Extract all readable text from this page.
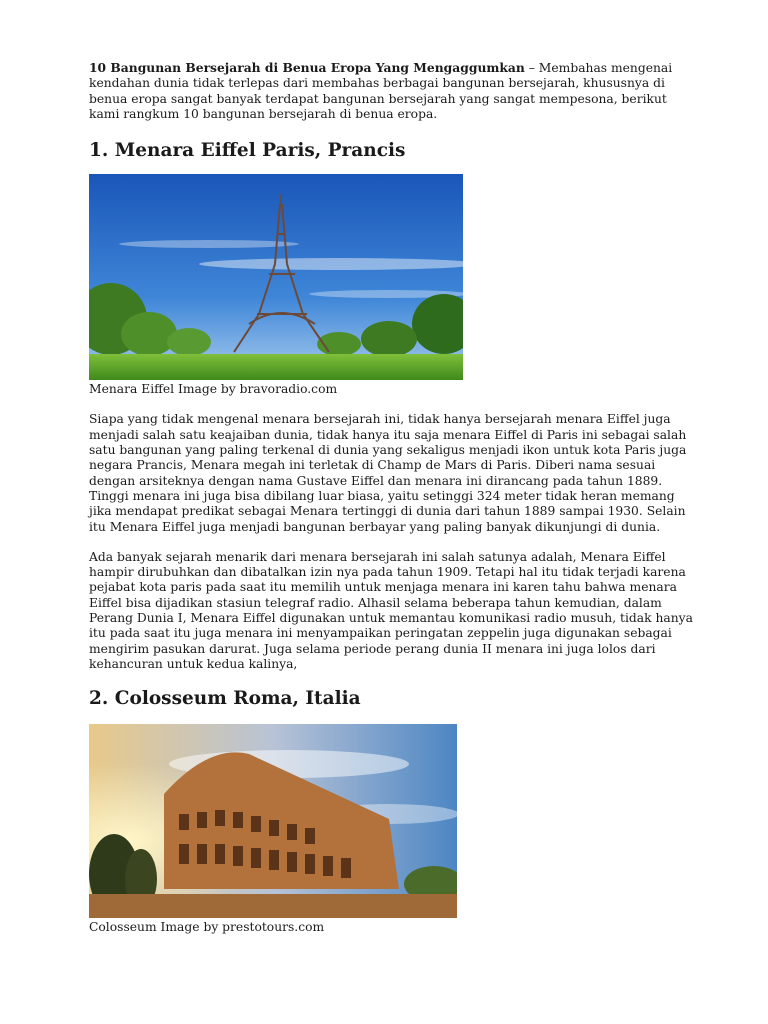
10 Bangunan Bersejarah di Benua Eropa Yang Mengaggumkan – Membahas mengenai kendahan dunia tidak terlepas dari membahas berbagai bangunan bersejarah, khususnya di benua eropa sangat banyak terdapat bangunan bersejarah yang sangat mempesona, berikut kami rangkum 10 bangunan bersejarah di benua eropa.

1. Menara Eiffel Paris, Prancis

Menara Eiffel Image by bravoradio.com

Siapa yang tidak mengenal menara bersejarah ini, tidak hanya bersejarah menara Eiffel juga menjadi salah satu keajaiban dunia, tidak hanya itu saja menara Eiffel di Paris ini sebagai salah satu bangunan yang paling terkenal di dunia yang sekaligus menjadi ikon untuk kota Paris juga negara Prancis, Menara megah ini terletak di Champ de Mars di Paris. Diberi nama sesuai dengan arsiteknya dengan nama Gustave Eiffel dan menara ini dirancang pada tahun 1889. Tinggi menara ini juga bisa dibilang luar biasa, yaitu setinggi 324 meter tidak heran memang jika mendapat predikat sebagai Menara tertinggi di dunia dari tahun 1889 sampai 1930. Selain itu Menara Eiffel juga menjadi bangunan berbayar yang paling banyak dikunjungi di dunia.

Ada banyak sejarah menarik dari menara bersejarah ini salah satunya adalah, Menara Eiffel hampir dirubuhkan dan dibatalkan izin nya pada tahun 1909. Tetapi hal itu tidak terjadi karena pejabat kota paris pada saat itu memilih untuk menjaga menara ini karen tahu bahwa menara Eiffel bisa dijadikan stasiun telegraf radio. Alhasil selama beberapa tahun kemudian, dalam Perang Dunia I, Menara Eiffel digunakan untuk memantau komunikasi radio musuh, tidak hanya itu pada saat itu juga menara ini menyampaikan peringatan zeppelin juga digunakan sebagai mengirim pasukan darurat. Juga selama periode perang dunia II menara ini juga lolos dari kehancuran untuk kedua kalinya,

2. Colosseum Roma, Italia

Colosseum Image by prestotours.com
